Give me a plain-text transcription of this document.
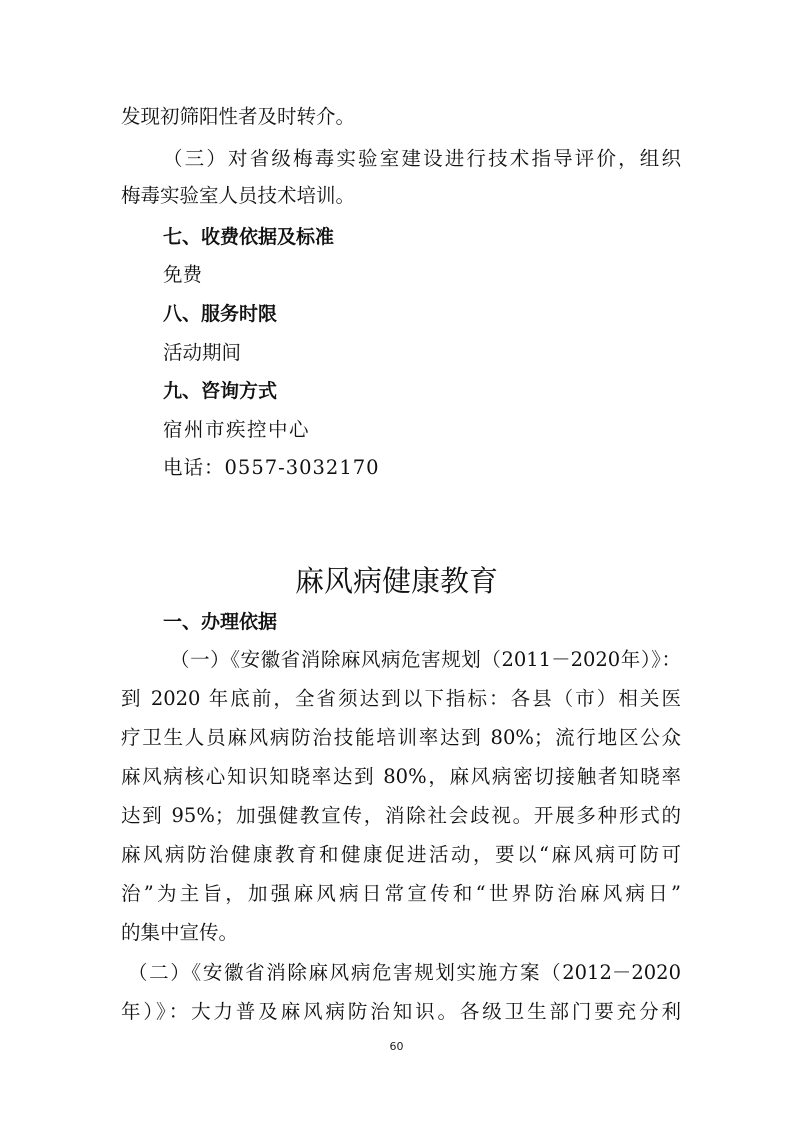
发现初筛阳性者及时转介。
（三）对省级梅毒实验室建设进行技术指导评价，组织
梅毒实验室人员技术培训。
七、收费依据及标准
免费
八、服务时限
活动期间
九、咨询方式
宿州市疾控中心
电话：0557-3032170
麻风病健康教育
一、办理依据
（一）《安徽省消除麻风病危害规划（2011－2020年）》：
到 2020 年底前，全省须达到以下指标：各县（市）相关医
疗卫生人员麻风病防治技能培训率达到 80%；流行地区公众
麻风病核心知识知晓率达到 80%，麻风病密切接触者知晓率
达到 95%；加强健教宣传，消除社会歧视。开展多种形式的
麻风病防治健康教育和健康促进活动，要以“麻风病可防可
治”为主旨，加强麻风病日常宣传和“世界防治麻风病日”
的集中宣传。
（二）《安徽省消除麻风病危害规划实施方案（2012－2020
年）》：大力普及麻风病防治知识。各级卫生部门要充分利
60
